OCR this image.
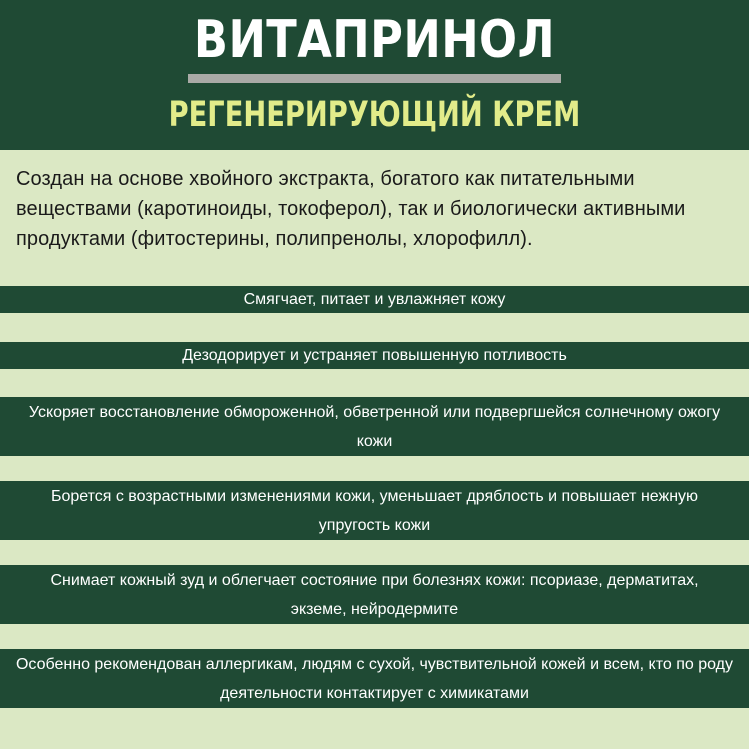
ВИТАПРИНОЛ
РЕГЕНЕРИРУЮЩИЙ КРЕМ
Создан на основе хвойного экстракта, богатого как питательными веществами (каротиноиды, токоферол), так и биологически активными продуктами (фитостерины, полипренолы, хлорофилл).
Смягчает, питает и увлажняет кожу
Дезодорирует и устраняет повышенную потливость
Ускоряет восстановление обмороженной, обветренной или подвергшейся солнечному ожогу кожи
Борется с возрастными изменениями кожи, уменьшает дряблость и повышает нежную упругость кожи
Снимает кожный зуд и облегчает состояние при болезнях кожи: псориазе, дерматитах, экземе, нейродермите
Особенно рекомендован аллергикам, людям с сухой, чувствительной кожей и всем, кто по роду деятельности контактирует с химикатами
